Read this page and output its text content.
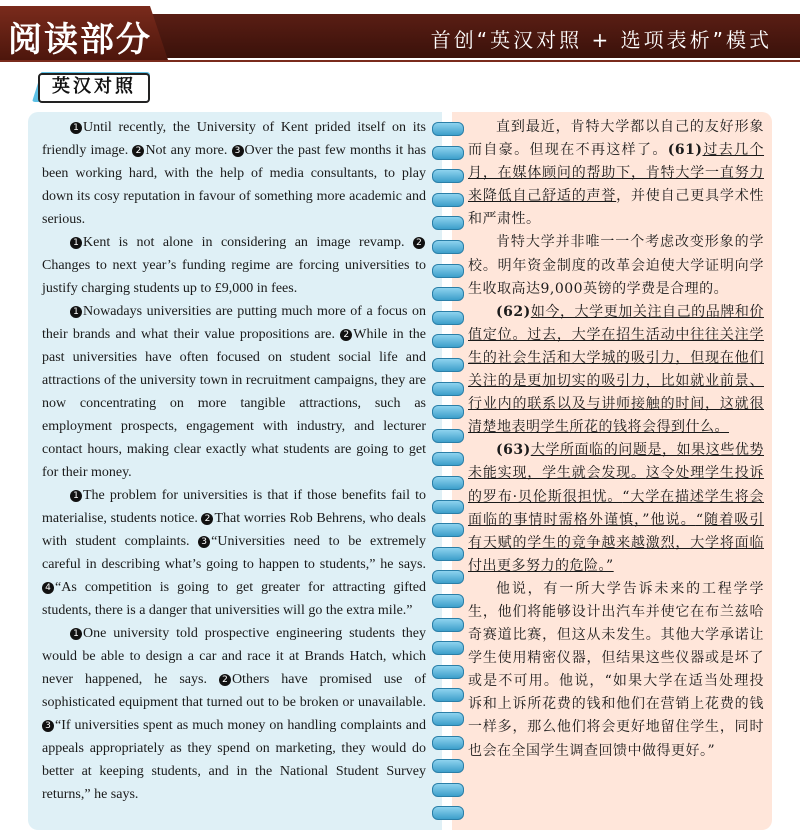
阅读部分	首创“英汉对照 + 选项表析”模式
英汉对照

1 Until recently, the University of Kent prided itself on its friendly image. 2 Not any more. 3 Over the past few months it has been working hard, with the help of media consultants, to play down its cosy reputation in favour of something more academic and serious.

1 Kent is not alone in considering an image revamp. 2Changes to next year’s funding regime are forcing universities to justify charging students up to £9,000 in fees.

1 Nowadays universities are putting much more of a focus on their brands and what their value propositions are. 2 While in the past universities have often focused on student social life and attractions of the university town in recruitment campaigns, they are now concentrating on more tangible attractions, such as employment prospects, engagement with industry, and lecturer contact hours, making clear exactly what students are going to get for their money.

1 The problem for universities is that if those benefits fail to materialise, students notice. 2 That worries Rob Behrens, who deals with student complaints. 3 “Universities need to be extremely careful in describing what’s going to happen to students,” he says. 4 “As competition is going to get greater for attracting gifted students, there is a danger that universities will go the extra mile.”

1 One university told prospective engineering students they would be able to design a car and race it at Brands Hatch, which never happened, he says. 2 Others have promised use of sophisticated equipment that turned out to be broken or unavailable. 3 “If universities spent as much money on handling complaints and appeals appropriately as they spend on marketing, they would do better at keeping students, and in the National Student Survey returns,” he says.

直到最近，肯特大学都以自己的友好形象而自豪。但现在不再这样了。(61)过去几个月，在媒体顾问的帮助下，肯特大学一直努力来降低自己舒适的声誉，并使自己更具学术性和严肃性。

肯特大学并非唯一一个考虑改变形象的学校。明年资金制度的改革会迫使大学证明向学生收取高达9,000英镑的学费是合理的。

(62)如今，大学更加关注自己的品牌和价值定位。过去，大学在招生活动中往往关注学生的社会生活和大学城的吸引力，但现在他们关注的是更加切实的吸引力，比如就业前景、行业内的联系以及与讲师接触的时间，这就很清楚地表明学生所花的钱将会得到什么。

(63)大学所面临的问题是，如果这些优势未能实现，学生就会发现。这令处理学生投诉的罗布·贝伦斯很担忧。“大学在描述学生将会面临的事情时需格外谨慎，”他说。“随着吸引有天赋的学生的竞争越来越激烈，大学将面临付出更多努力的危险。”

他说，有一所大学告诉未来的工程学学生，他们将能够设计出汽车并使它在布兰兹哈奇赛道比赛，但这从未发生。其他大学承诺让学生使用精密仪器，但结果这些仪器或是坏了或是不可用。他说，“如果大学在适当处理投诉和上诉所花费的钱和他们在营销上花费的钱一样多，那么他们将会更好地留住学生，同时也会在全国学生调查回馈中做得更好。”
